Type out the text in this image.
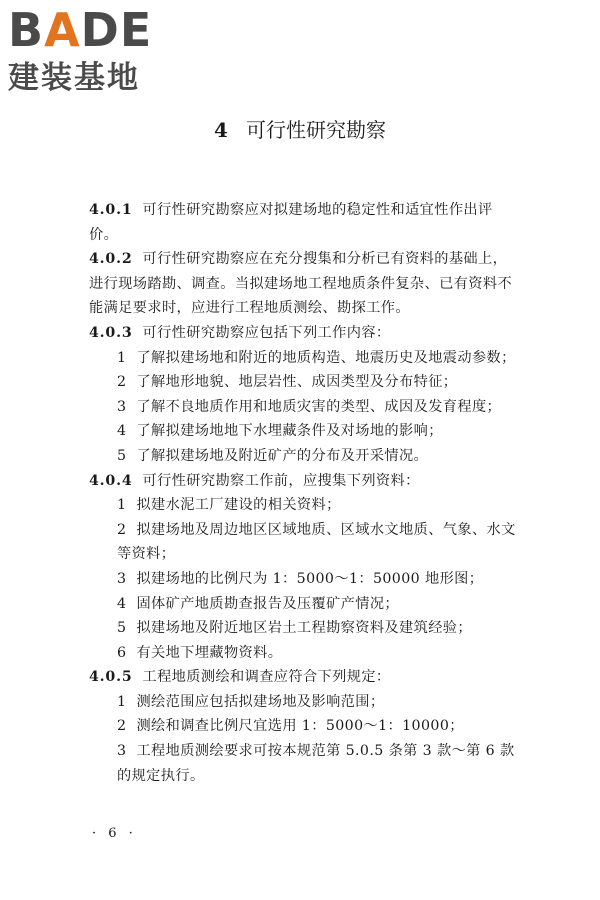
BADE
建装基地
4 可行性研究勘察

4.0.1 可行性研究勘察应对拟建场地的稳定性和适宜性作出评价。

4.0.2 可行性研究勘察应在充分搜集和分析已有资料的基础上，进行现场踏勘、调查。当拟建场地工程地质条件复杂、已有资料不能满足要求时，应进行工程地质测绘、勘探工作。

4.0.3 可行性研究勘察应包括下列工作内容：

1 了解拟建场地和附近的地质构造、地震历史及地震动参数；

2 了解地形地貌、地层岩性、成因类型及分布特征；

3 了解不良地质作用和地质灾害的类型、成因及发育程度；

4 了解拟建场地地下水埋藏条件及对场地的影响；

5 了解拟建场地及附近矿产的分布及开采情况。

4.0.4 可行性研究勘察工作前，应搜集下列资料：

1 拟建水泥工厂建设的相关资料；

2 拟建场地及周边地区区域地质、区域水文地质、气象、水文等资料；

3 拟建场地的比例尺为 1：5000～1：50000 地形图；

4 固体矿产地质勘查报告及压覆矿产情况；

5 拟建场地及附近地区岩土工程勘察资料及建筑经验；

6 有关地下埋藏物资料。

4.0.5 工程地质测绘和调查应符合下列规定：

1 测绘范围应包括拟建场地及影响范围；

2 测绘和调查比例尺宜选用 1：5000～1：10000；

3 工程地质测绘要求可按本规范第 5.0.5 条第 3 款～第 6 款的规定执行。

· 6 ·
